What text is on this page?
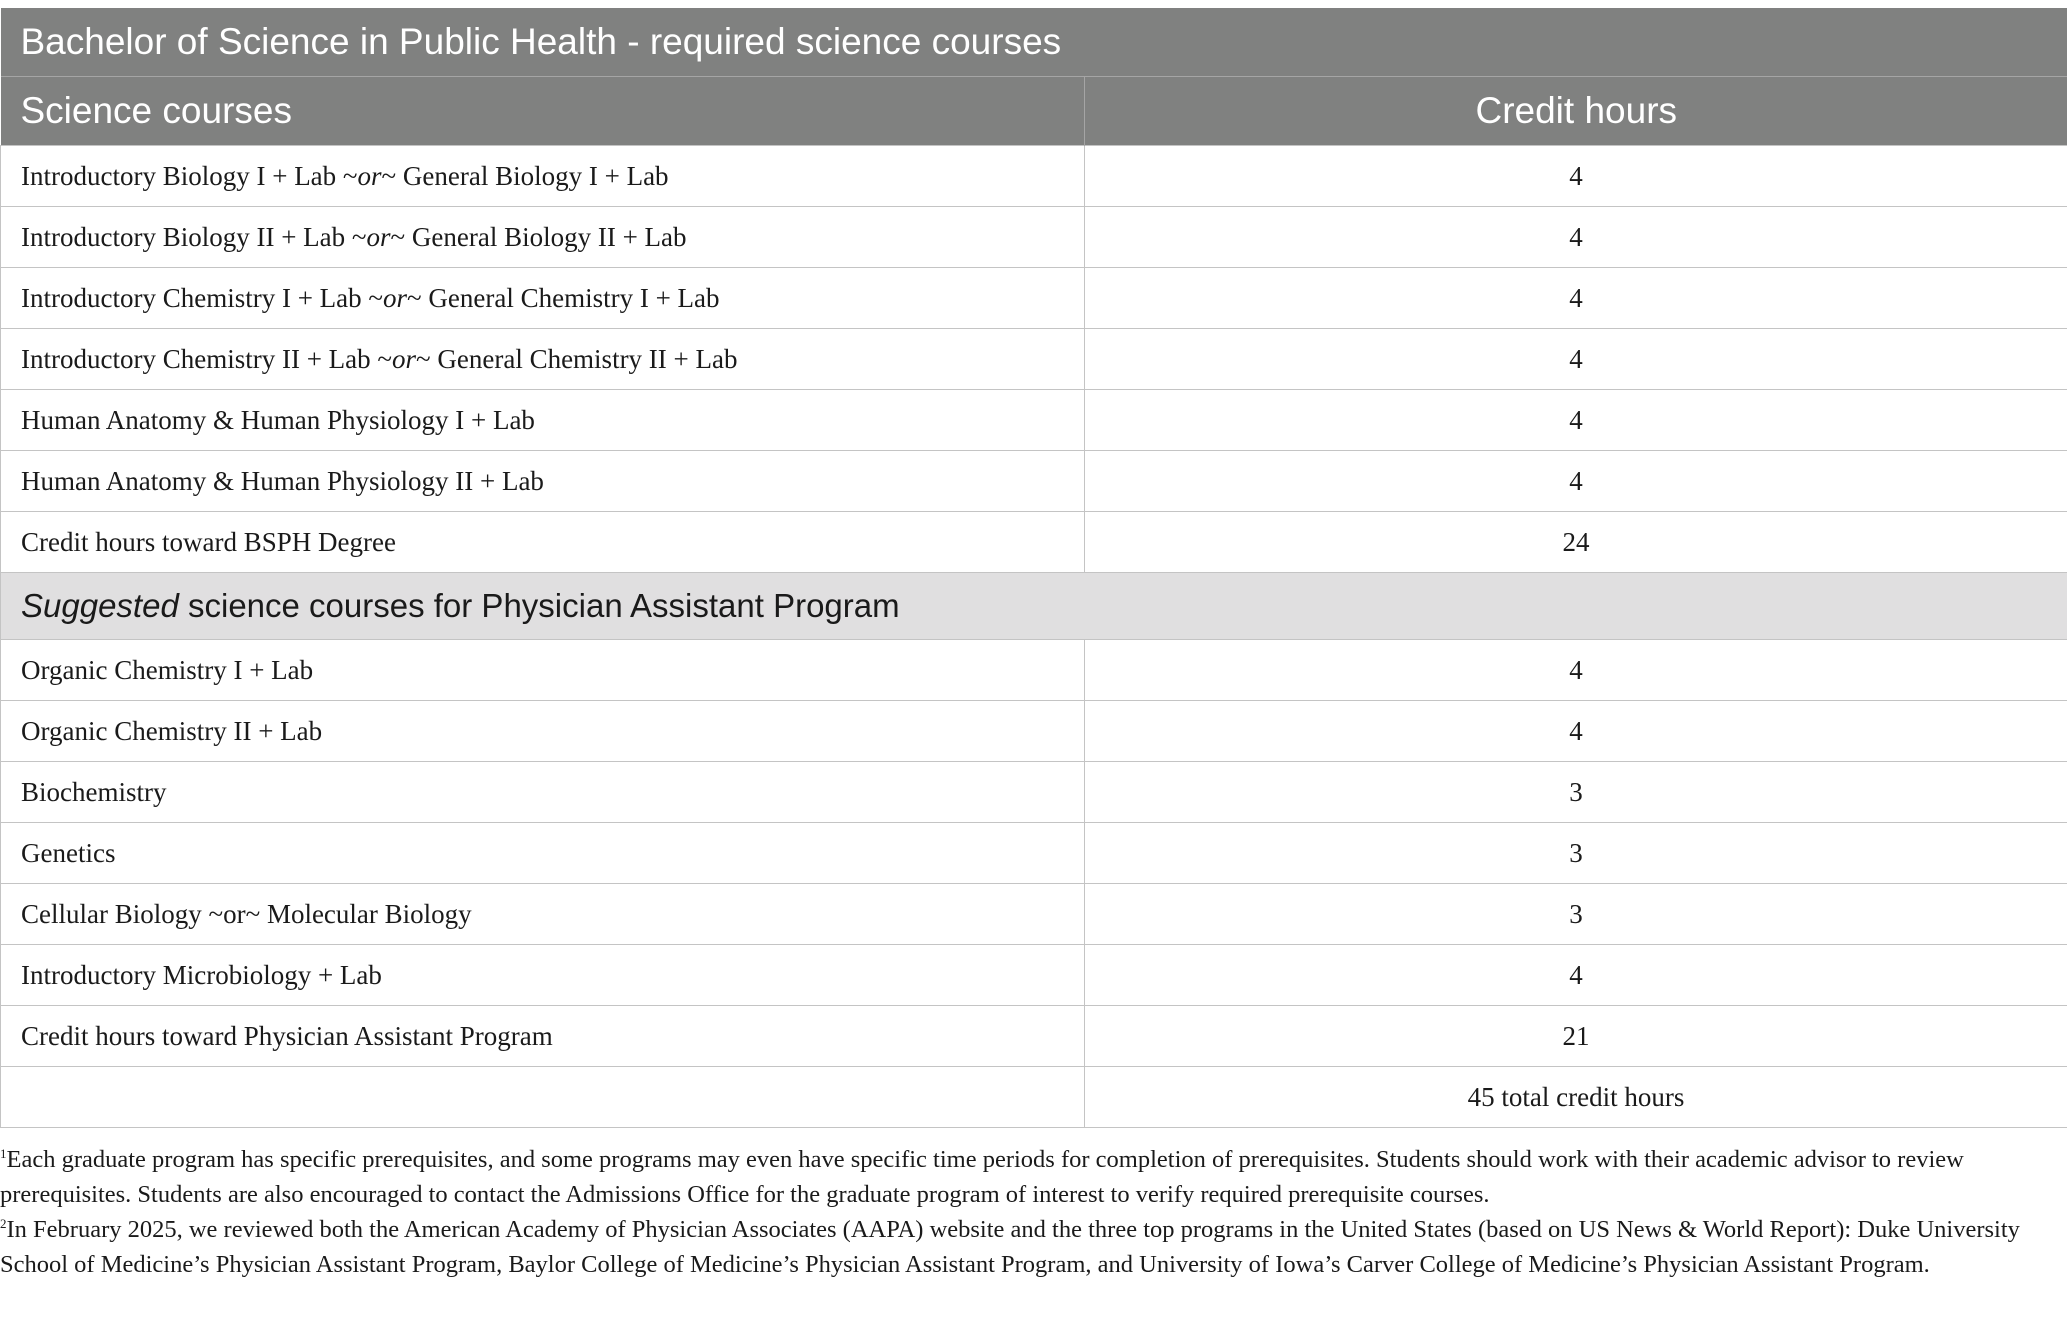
Bachelor of Science in Public Health - required science courses	
Science courses	Credit hours
Introductory Biology I + Lab ~or~ General Biology I + Lab	4
Introductory Biology II + Lab ~or~ General Biology II + Lab	4
Introductory Chemistry I + Lab ~or~ General Chemistry I + Lab	4
Introductory Chemistry II + Lab ~or~ General Chemistry II + Lab	4
Human Anatomy & Human Physiology I + Lab	4
Human Anatomy & Human Physiology II + Lab	4
Credit hours toward BSPH Degree	24
Suggested science courses for Physician Assistant Program	
Organic Chemistry I + Lab	4
Organic Chemistry II + Lab	4
Biochemistry	3
Genetics	3
Cellular Biology ~or~ Molecular Biology	3
Introductory Microbiology + Lab	4
Credit hours toward Physician Assistant Program	21
	45 total credit hours

$^1$Each graduate program has specific prerequisites, and some programs may even have specific time periods for completion of prerequisites. Students should work with their academic advisor to review prerequisites. Students are also encouraged to contact the Admissions Office for the graduate program of interest to verify required prerequisite courses.

$^2$In February 2025, we reviewed both the American Academy of Physician Associates (AAPA) website and the three top programs in the United States (based on US News & World Report): Duke University School of Medicine’s Physician Assistant Program, Baylor College of Medicine’s Physician Assistant Program, and University of Iowa’s Carver College of Medicine’s Physician Assistant Program.
